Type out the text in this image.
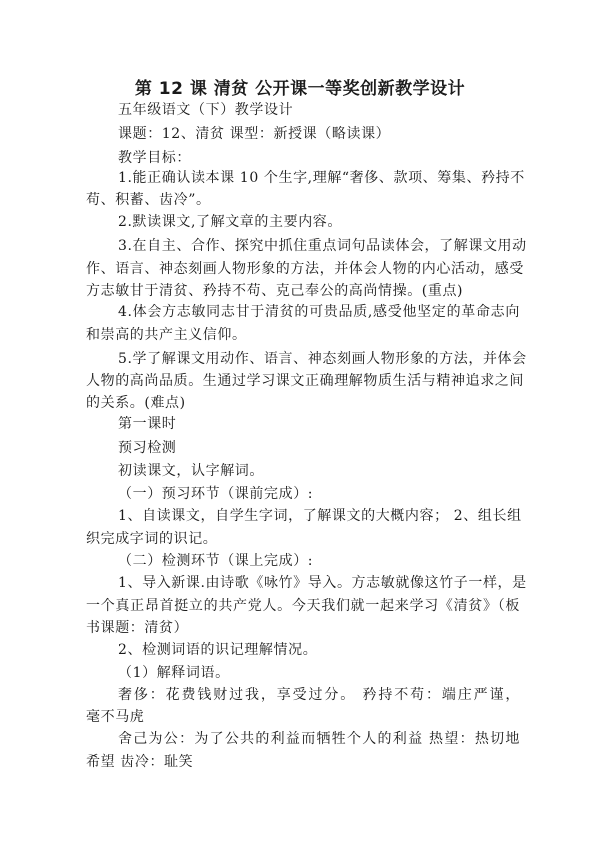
第 12 课 清贫 公开课一等奖创新教学设计
五年级语文（下）教学设计
课题：12、清贫 课型：新授课（略读课）
教学目标：
1.能正确认读本课 10 个生字,理解“奢侈、款项、筹集、矜持不
苟、积蓄、齿冷”。
2.默读课文,了解文章的主要内容。
3.在自主、合作、探究中抓住重点词句品读体会，了解课文用动
作、语言、神态刻画人物形象的方法，并体会人物的内心活动，感受
方志敏甘于清贫、矜持不苟、克己奉公的高尚情操。(重点)
4.体会方志敏同志甘于清贫的可贵品质,感受他坚定的革命志向
和崇高的共产主义信仰。
5.学了解课文用动作、语言、神态刻画人物形象的方法，并体会
人物的高尚品质。生通过学习课文正确理解物质生活与精神追求之间
的关系。(难点)
第一课时
预习检测
初读课文，认字解词。
（一）预习环节（课前完成）:
1、自读课文，自学生字词，了解课文的大概内容； 2、组长组
织完成字词的识记。
（二）检测环节（课上完成）:
1、导入新课.由诗歌《咏竹》导入。方志敏就像这竹子一样，是
一个真正昂首挺立的共产党人。今天我们就一起来学习《清贫》（板
书课题：清贫）
2、检测词语的识记理解情况。
（1）解释词语。
奢侈：花费钱财过我，享受过分。 矜持不苟：端庄严谨，
毫不马虎
舍己为公：为了公共的利益而牺牲个人的利益 热望：热切地
希望 齿冷：耻笑
